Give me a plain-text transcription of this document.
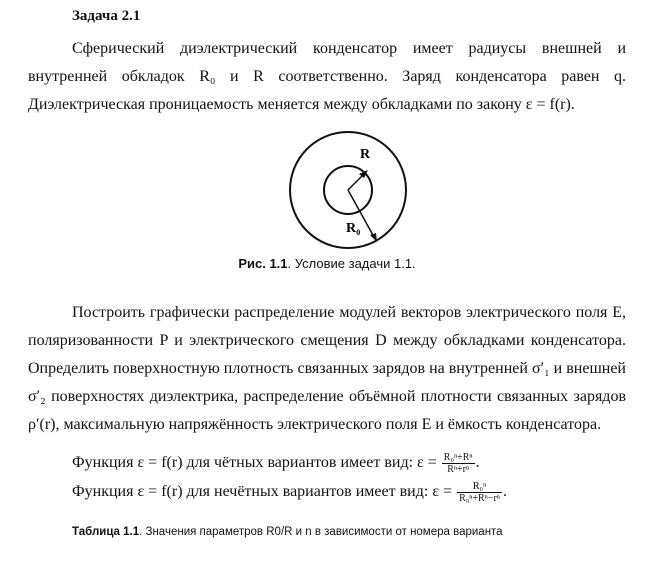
Задача 2.1
Сферический диэлектрический конденсатор имеет радиусы внешней и внутренней обкладок R₀ и R соответственно. Заряд конденсатора равен q. Диэлектрическая проницаемость меняется между обкладками по закону ε = f(r).
R
R₀
Рис. 1.1. Условие задачи 1.1.
Построить графически распределение модулей векторов электрического поля E, поляризованности P и электрического смещения D между обкладками конденсатора. Определить поверхностную плотность связанных зарядов на внутренней σ′₁ и внешней σ′₂ поверхностях диэлектрика, распределение объёмной плотности связанных зарядов ρ′(r), максимальную напряжённость электрического поля E и ёмкость конденсатора.
Функция ε = f(r) для чётных вариантов имеет вид: $\varepsilon = \frac{\text{R₀ⁿ+Rⁿ}}{\text{Rⁿ+rⁿ}}$ .
Функция ε = f(r) для нечётных вариантов имеет вид: $\varepsilon = \frac{\text{R₀ⁿ}}{\text{R₀ⁿ+Rⁿ−rⁿ}}$ .
Таблица 1.1. Значения параметров R0/R и n в зависимости от номера варианта
